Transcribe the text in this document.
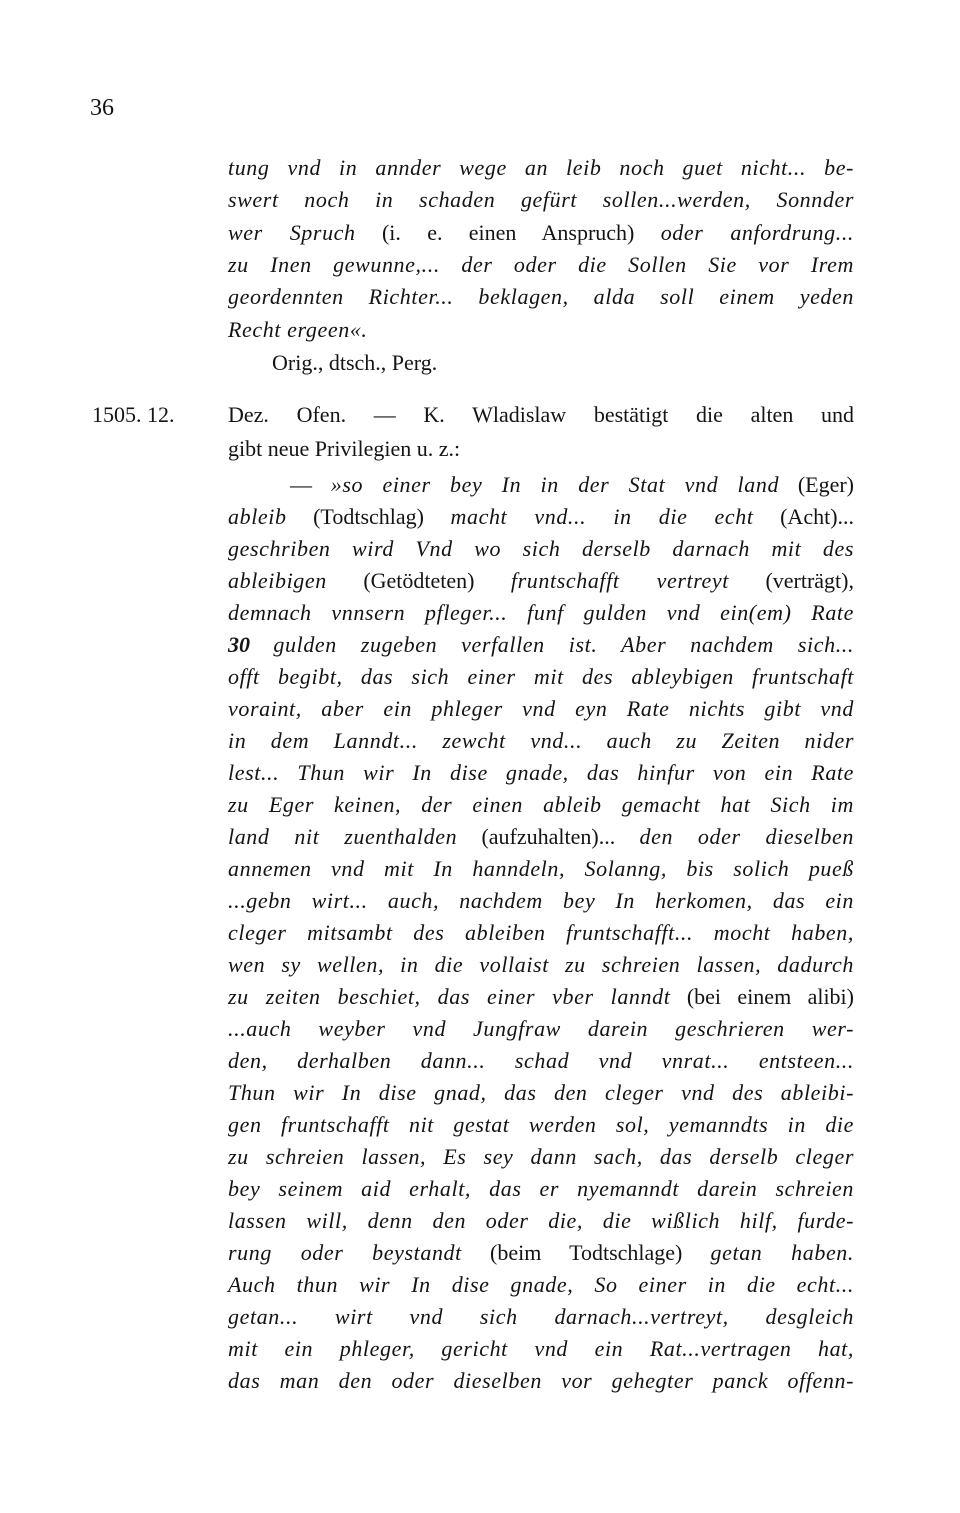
36
tung vnd in annder wege an leib noch guet nicht... be-
swert noch in schaden gefürt sollen...werden, Sonnder
wer Spruch (i. e. einen Anspruch) oder anfordrung...
zu Inen gewunne,... der oder die Sollen Sie vor Irem
geordennten Richter... beklagen, alda soll einem yeden
Recht ergeen«.
Orig., dtsch., Perg.
1505. 12. Dez. Ofen. — K. Wladislaw bestätigt die alten und
gibt neue Privilegien u. z.:
— »so einer bey In in der Stat vnd land (Eger)
ableib (Todtschlag) macht vnd... in die echt (Acht)...
geschriben wird Vnd wo sich derselb darnach mit des
ableibigen (Getödteten) fruntschafft vertreyt (verträgt),
demnach vnnsern pfleger... funf gulden vnd ein(em) Rate
30 gulden zugeben verfallen ist. Aber nachdem sich...
offt begibt, das sich einer mit des ableybigen fruntschaft
voraint, aber ein phleger vnd eyn Rate nichts gibt vnd
in dem Lanndt... zewcht vnd... auch zu Zeiten nider
lest... Thun wir In dise gnade, das hinfur von ein Rate
zu Eger keinen, der einen ableib gemacht hat Sich im
land nit zuenthalden (aufzuhalten)... den oder dieselben
annemen vnd mit In hanndeln, Solanng, bis solich pueß
...gebn wirt... auch, nachdem bey In herkomen, das ein
cleger mitsambt des ableiben fruntschafft... mocht haben,
wen sy wellen, in die vollaist zu schreien lassen, dadurch
zu zeiten beschiet, das einer vber lanndt (bei einem alibi)
...auch weyber vnd Jungfraw darein geschrieren wer-
den, derhalben dann... schad vnd vnrat... entsteen...
Thun wir In dise gnad, das den cleger vnd des ableibi-
gen fruntschafft nit gestat werden sol, yemanndts in die
zu schreien lassen, Es sey dann sach, das derselb cleger
bey seinem aid erhalt, das er nyemanndt darein schreien
lassen will, denn den oder die, die wißlich hilf, furde-
rung oder beystandt (beim Todtschlage) getan haben.
Auch thun wir In dise gnade, So einer in die echt...
getan... wirt vnd sich darnach...vertreyt, desgleich
mit ein phleger, gericht vnd ein Rat...vertragen hat,
das man den oder dieselben vor gehegter panck offenn-
